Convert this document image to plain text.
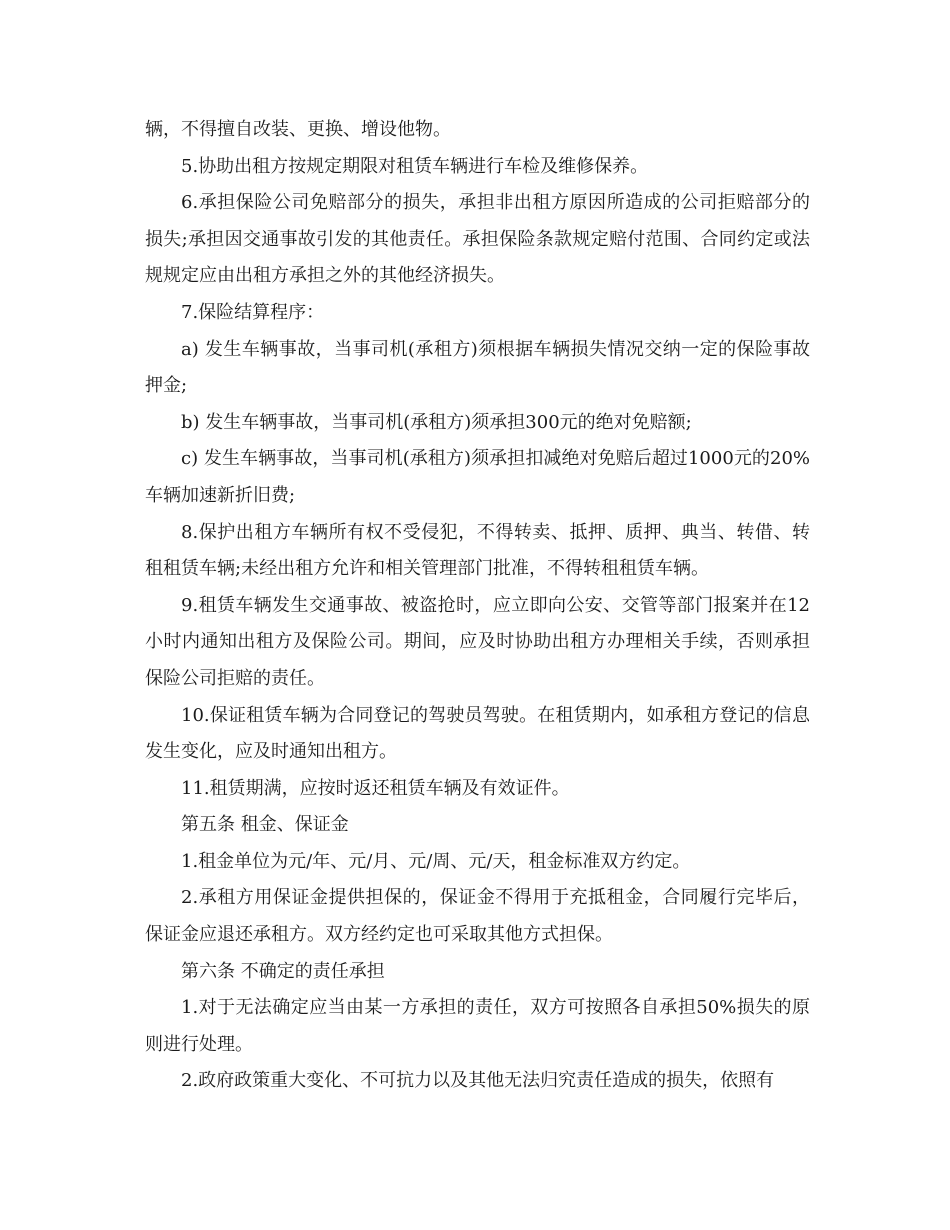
辆，不得擅自改装、更换、增设他物。

5.协助出租方按规定期限对租赁车辆进行车检及维修保养。

6.承担保险公司免赔部分的损失，承担非出租方原因所造成的公司拒赔部分的损失;承担因交通事故引发的其他责任。承担保险条款规定赔付范围、合同约定或法规规定应由出租方承担之外的其他经济损失。

7.保险结算程序：

a) 发生车辆事故，当事司机(承租方)须根据车辆损失情况交纳一定的保险事故押金;

b) 发生车辆事故，当事司机(承租方)须承担300元的绝对免赔额;

c) 发生车辆事故，当事司机(承租方)须承担扣减绝对免赔后超过1000元的20%车辆加速新折旧费;

8.保护出租方车辆所有权不受侵犯，不得转卖、抵押、质押、典当、转借、转租租赁车辆;未经出租方允许和相关管理部门批准，不得转租租赁车辆。

9.租赁车辆发生交通事故、被盗抢时，应立即向公安、交管等部门报案并在12小时内通知出租方及保险公司。期间，应及时协助出租方办理相关手续，否则承担保险公司拒赔的责任。

10.保证租赁车辆为合同登记的驾驶员驾驶。在租赁期内，如承租方登记的信息发生变化，应及时通知出租方。

11.租赁期满，应按时返还租赁车辆及有效证件。

第五条 租金、保证金

1.租金单位为元/年、元/月、元/周、元/天，租金标准双方约定。

2.承租方用保证金提供担保的，保证金不得用于充抵租金，合同履行完毕后，保证金应退还承租方。双方经约定也可采取其他方式担保。

第六条 不确定的责任承担

1.对于无法确定应当由某一方承担的责任，双方可按照各自承担50%损失的原则进行处理。

2.政府政策重大变化、不可抗力以及其他无法归究责任造成的损失，依照有
